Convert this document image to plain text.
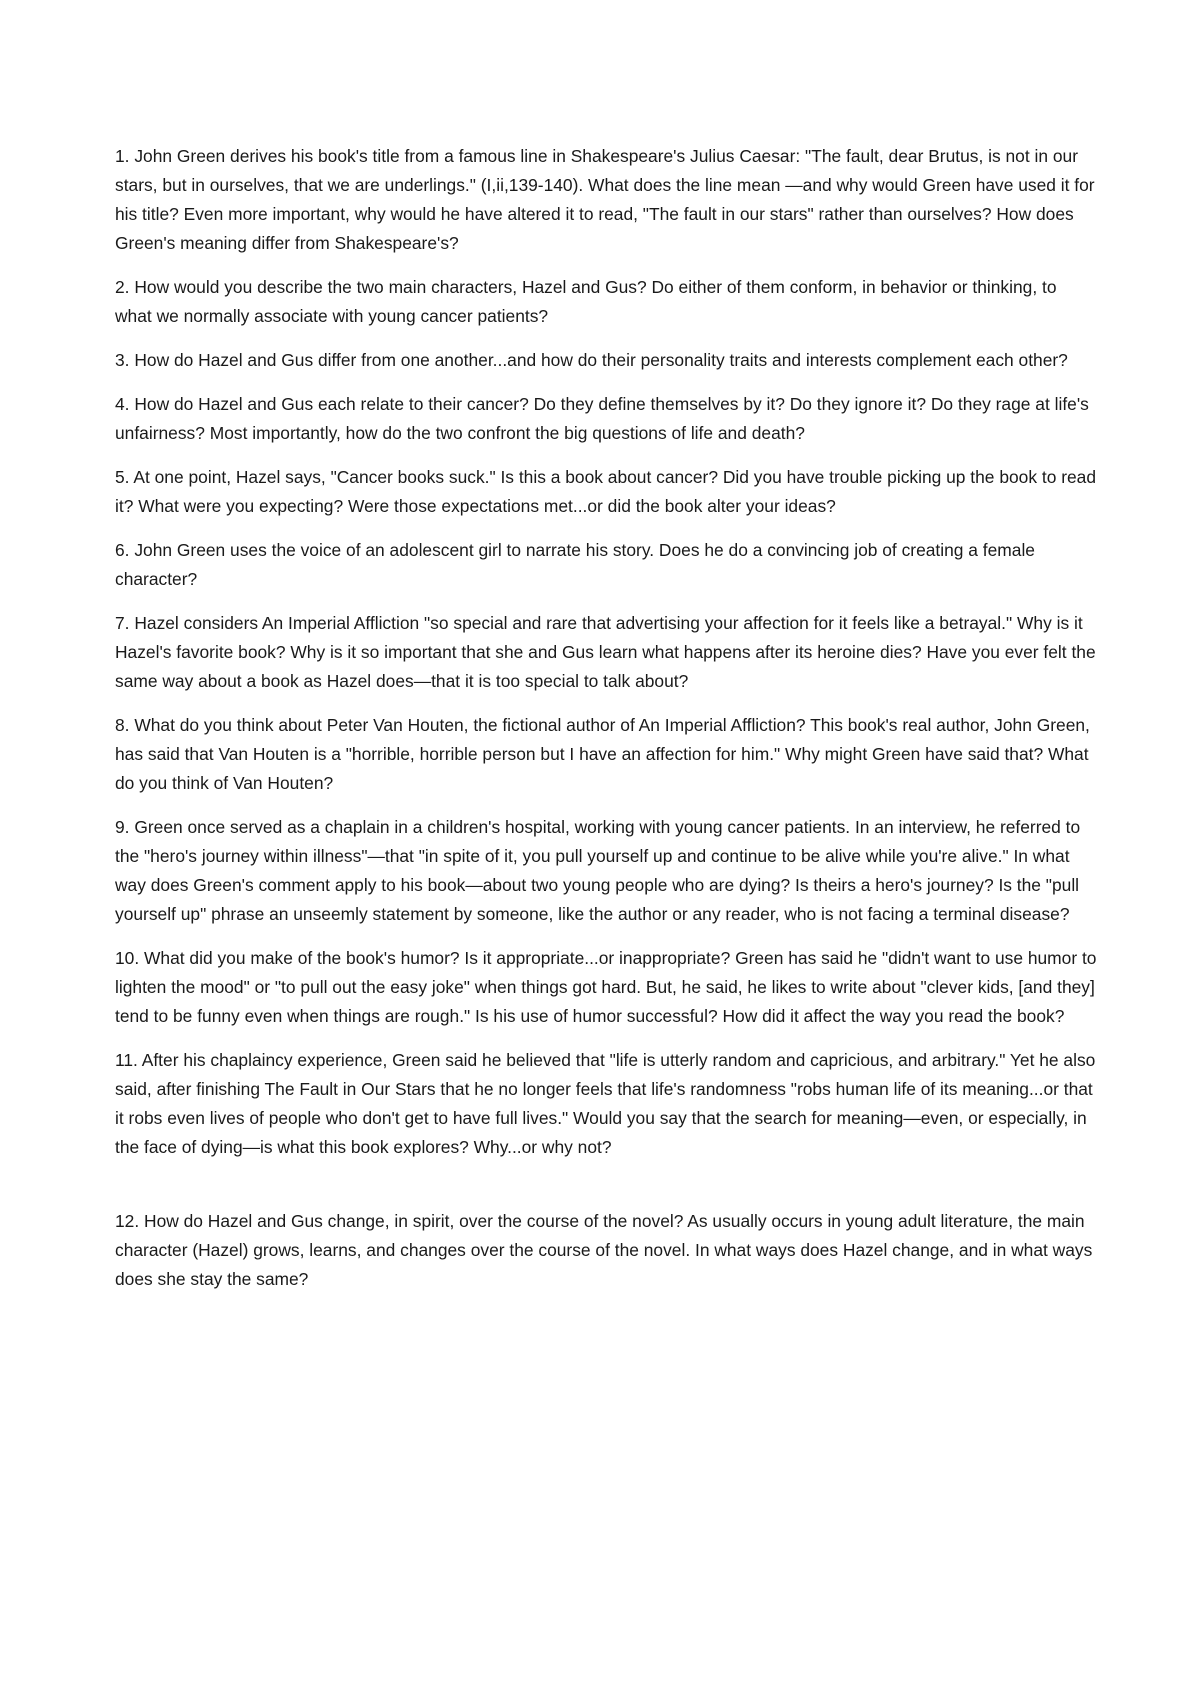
1. John Green derives his book's title from a famous line in Shakespeare's Julius Caesar: "The fault, dear Brutus, is not in our stars, but in ourselves, that we are underlings." (I,ii,139-140). What does the line mean —and why would Green have used it for his title? Even more important, why would he have altered it to read, "The fault in our stars" rather than ourselves? How does Green's meaning differ from Shakespeare's?

2. How would you describe the two main characters, Hazel and Gus? Do either of them conform, in behavior or thinking, to what we normally associate with young cancer patients?

3. How do Hazel and Gus differ from one another...and how do their personality traits and interests complement each other?

4. How do Hazel and Gus each relate to their cancer? Do they define themselves by it? Do they ignore it? Do they rage at life's unfairness? Most importantly, how do the two confront the big questions of life and death?

5. At one point, Hazel says, "Cancer books suck." Is this a book about cancer? Did you have trouble picking up the book to read it? What were you expecting? Were those expectations met...or did the book alter your ideas?

6. John Green uses the voice of an adolescent girl to narrate his story. Does he do a convincing job of creating a female character?

7. Hazel considers An Imperial Affliction "so special and rare that advertising your affection for it feels like a betrayal." Why is it Hazel's favorite book? Why is it so important that she and Gus learn what happens after its heroine dies? Have you ever felt the same way about a book as Hazel does—that it is too special to talk about?

8. What do you think about Peter Van Houten, the fictional author of An Imperial Affliction? This book's real author, John Green, has said that Van Houten is a "horrible, horrible person but I have an affection for him." Why might Green have said that? What do you think of Van Houten?

9. Green once served as a chaplain in a children's hospital, working with young cancer patients. In an interview, he referred to the "hero's journey within illness"—that "in spite of it, you pull yourself up and continue to be alive while you're alive." In what way does Green's comment apply to his book—about two young people who are dying? Is theirs a hero's journey? Is the "pull yourself up" phrase an unseemly statement by someone, like the author or any reader, who is not facing a terminal disease?

10. What did you make of the book's humor? Is it appropriate...or inappropriate? Green has said he "didn't want to use humor to lighten the mood" or "to pull out the easy joke" when things got hard. But, he said, he likes to write about "clever kids, [and they] tend to be funny even when things are rough." Is his use of humor successful? How did it affect the way you read the book?

11. After his chaplaincy experience, Green said he believed that "life is utterly random and capricious, and arbitrary." Yet he also said, after finishing The Fault in Our Stars that he no longer feels that life's randomness "robs human life of its meaning...or that it robs even lives of people who don't get to have full lives." Would you say that the search for meaning—even, or especially, in the face of dying—is what this book explores? Why...or why not?

12. How do Hazel and Gus change, in spirit, over the course of the novel? As usually occurs in young adult literature, the main character (Hazel) grows, learns, and changes over the course of the novel. In what ways does Hazel change, and in what ways does she stay the same?
